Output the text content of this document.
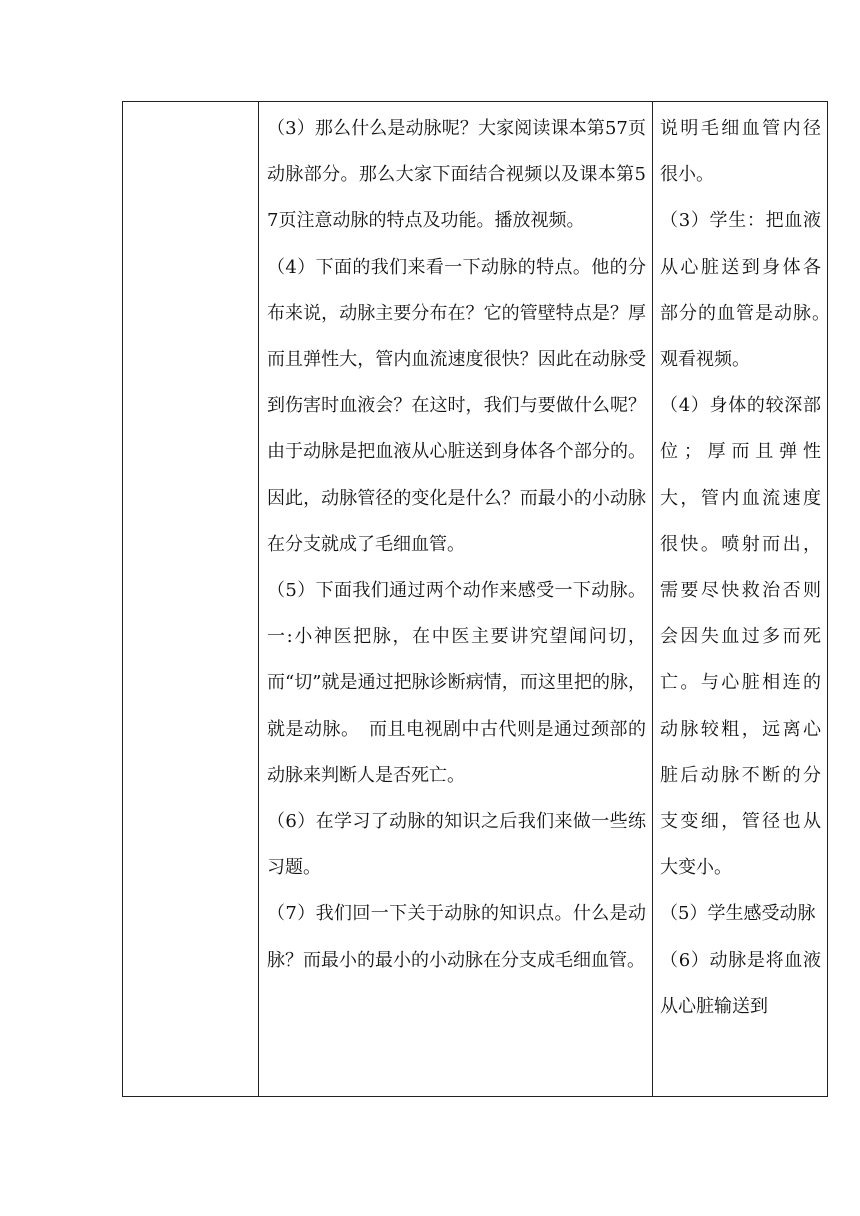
（3）那么什么是动脉呢？大家阅读课本第57页动脉部分。那么大家下面结合视频以及课本第57页注意动脉的特点及功能。播放视频。
（4）下面的我们来看一下动脉的特点。他的分布来说，动脉主要分布在？它的管壁特点是？厚而且弹性大，管内血流速度很快？因此在动脉受到伤害时血液会？在这时，我们与要做什么呢？由于动脉是把血液从心脏送到身体各个部分的。因此，动脉管径的变化是什么？而最小的小动脉在分支就成了毛细血管。
（5）下面我们通过两个动作来感受一下动脉。一:小神医把脉，在中医主要讲究望闻问切，而“切”就是通过把脉诊断病情，而这里把的脉，就是动脉。　而且电视剧中古代则是通过颈部的动脉来判断人是否死亡。
（6）在学习了动脉的知识之后我们来做一些练习题。
（7）我们回一下关于动脉的知识点。什么是动脉？而最小的最小的小动脉在分支成毛细血管。
说明毛细血管内径很小。
（3）学生：把血液从心脏送到身体各部分的血管是动脉。　观看视频。
（4）身体的较深部位；厚而且弹性大，管内血流速度很快。喷射而出，需要尽快救治否则会因失血过多而死亡。与心脏相连的动脉较粗，远离心脏后动脉不断的分支变细，管径也从大变小。
（5）学生感受动脉
（6）动脉是将血液从心脏输送到
